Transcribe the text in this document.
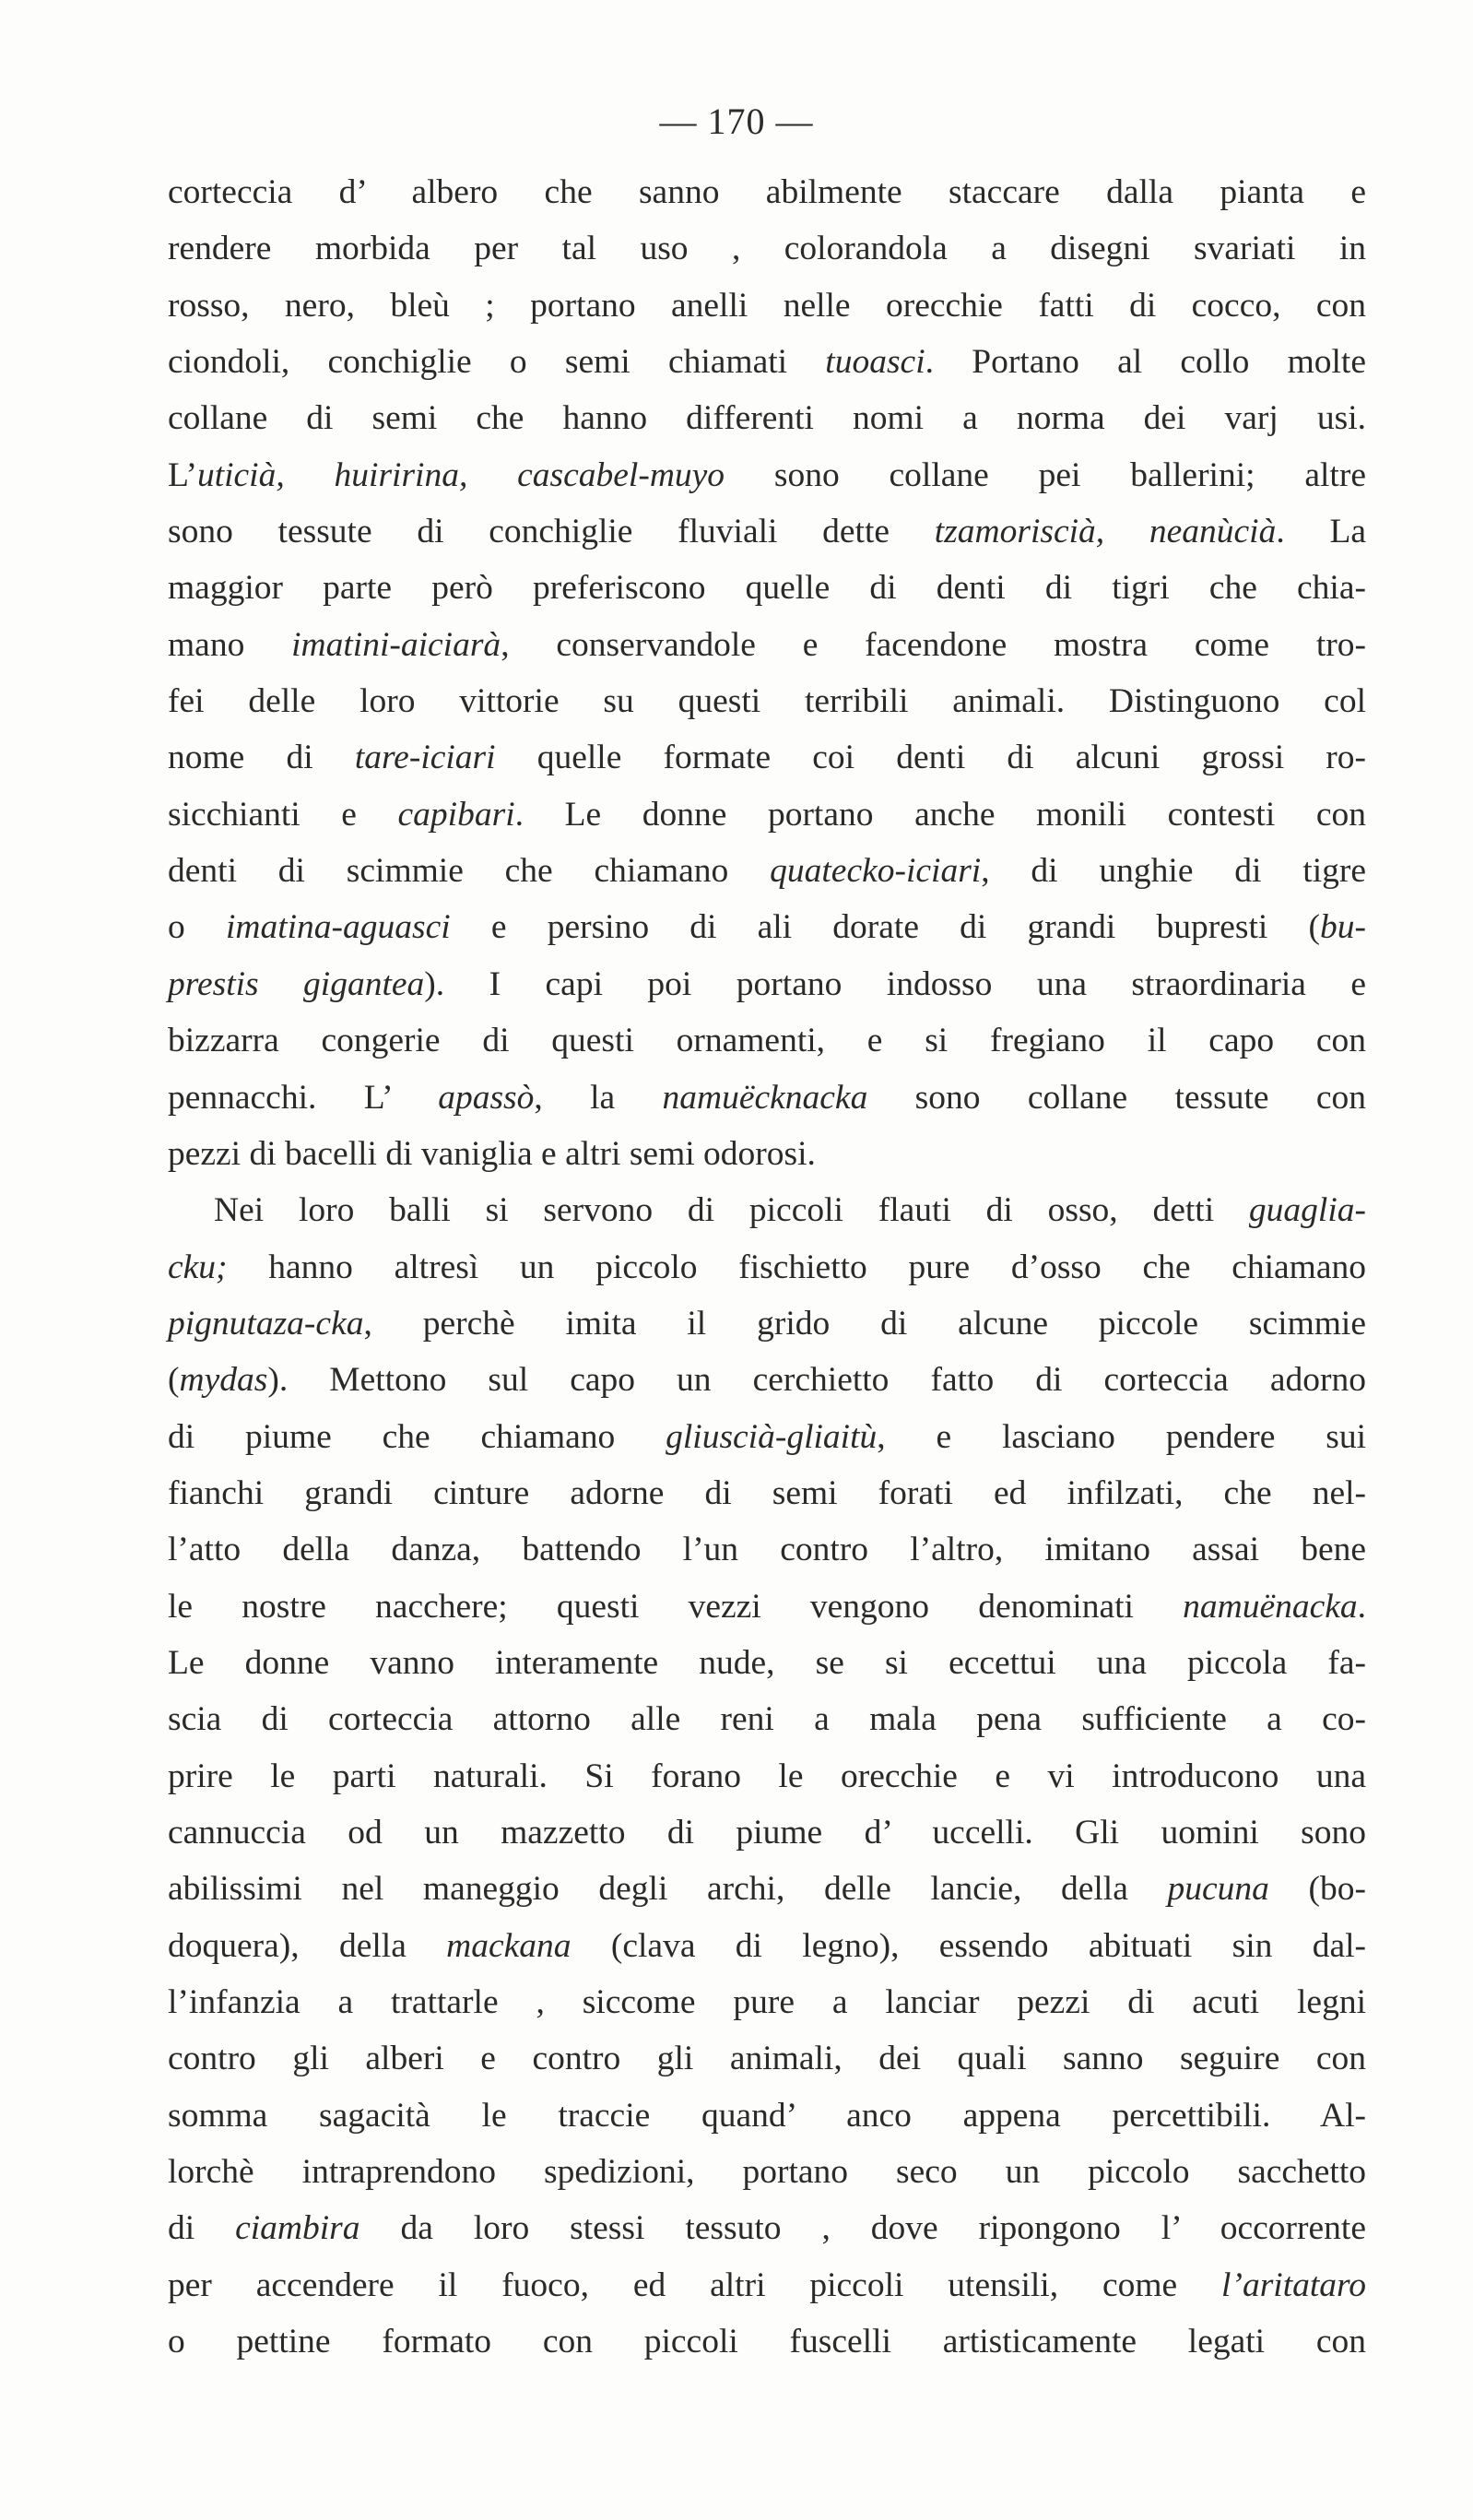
— 170 —
corteccia d’ albero che sanno abilmente staccare dalla pianta e
rendere morbida per tal uso , colorandola a disegni svariati in
rosso, nero, bleù ; portano anelli nelle orecchie fatti di cocco, con
ciondoli, conchiglie o semi chiamati tuoasci. Portano al collo molte
collane di semi che hanno differenti nomi a norma dei varj usi.
L’uticià, huiririna, cascabel-muyo sono collane pei ballerini; altre
sono tessute di conchiglie fluviali dette tzamoriscià, neanùcià. La
maggior parte però preferiscono quelle di denti di tigri che chia-
mano imatini-aiciarà, conservandole e facendone mostra come tro-
fei delle loro vittorie su questi terribili animali. Distinguono col
nome di tare-iciari quelle formate coi denti di alcuni grossi ro-
sicchianti e capibari. Le donne portano anche monili contesti con
denti di scimmie che chiamano quatecko-iciari, di unghie di tigre
o imatina-aguasci e persino di ali dorate di grandi bupresti (bu-
prestis gigantea). I capi poi portano indosso una straordinaria e
bizzarra congerie di questi ornamenti, e si fregiano il capo con
pennacchi. L’ apassò, la namuëcknacka sono collane tessute con
pezzi di bacelli di vaniglia e altri semi odorosi.
Nei loro balli si servono di piccoli flauti di osso, detti guaglia-
cku; hanno altresì un piccolo fischietto pure d’osso che chiamano
pignutaza-cka, perchè imita il grido di alcune piccole scimmie
(mydas). Mettono sul capo un cerchietto fatto di corteccia adorno
di piume che chiamano gliuscià-gliaitù, e lasciano pendere sui
fianchi grandi cinture adorne di semi forati ed infilzati, che nel-
l’atto della danza, battendo l’un contro l’altro, imitano assai bene
le nostre nacchere; questi vezzi vengono denominati namuënacka.
Le donne vanno interamente nude, se si eccettui una piccola fa-
scia di corteccia attorno alle reni a mala pena sufficiente a co-
prire le parti naturali. Si forano le orecchie e vi introducono una
cannuccia od un mazzetto di piume d’ uccelli. Gli uomini sono
abilissimi nel maneggio degli archi, delle lancie, della pucuna (bo-
doquera), della mackana (clava di legno), essendo abituati sin dal-
l’infanzia a trattarle , siccome pure a lanciar pezzi di acuti legni
contro gli alberi e contro gli animali, dei quali sanno seguire con
somma sagacità le traccie quand’ anco appena percettibili. Al-
lorchè intraprendono spedizioni, portano seco un piccolo sacchetto
di ciambira da loro stessi tessuto , dove ripongono l’ occorrente
per accendere il fuoco, ed altri piccoli utensili, come l’aritataro
o pettine formato con piccoli fuscelli artisticamente legati con
